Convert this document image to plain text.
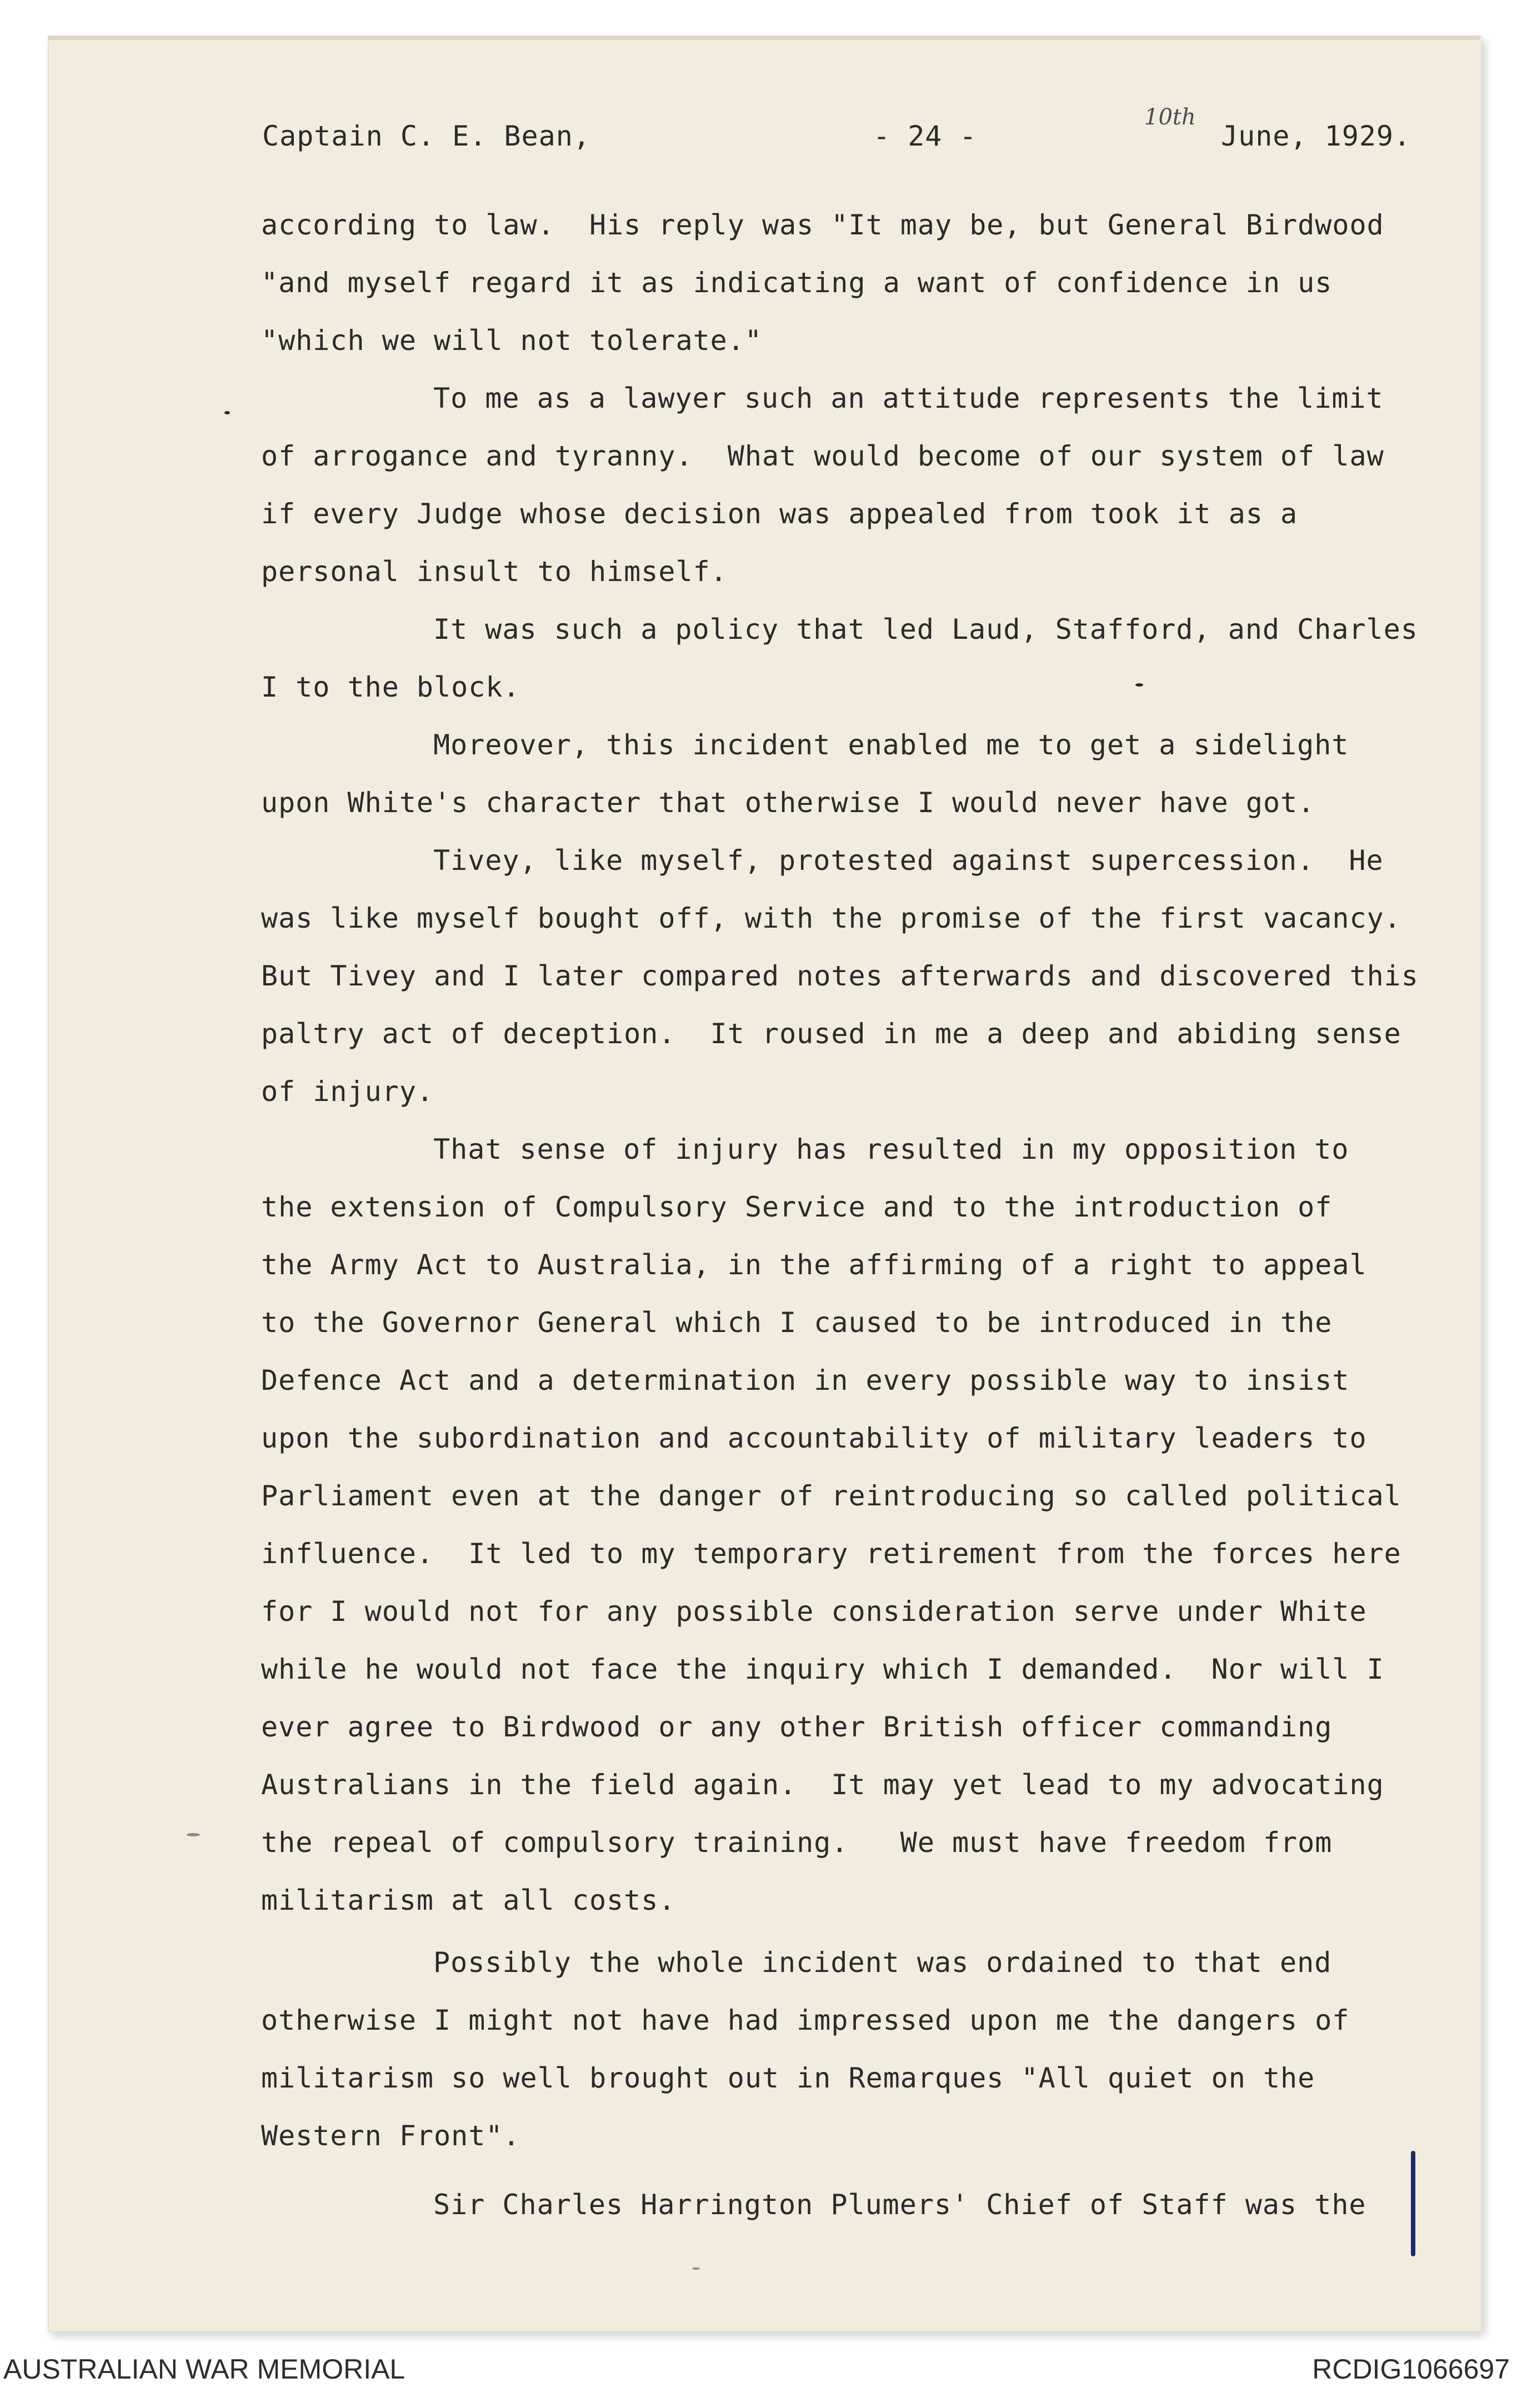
Captain C. E. Bean,	- 24 -
10th
June, 1929.
according to law.  His reply was "It may be, but General Birdwood
"and myself regard it as indicating a want of confidence in us
"which we will not tolerate."
To me as a lawyer such an attitude represents the limit
of arrogance and tyranny.  What would become of our system of law
if every Judge whose decision was appealed from took it as a
personal insult to himself.
It was such a policy that led Laud, Stafford, and Charles
I to the block.
Moreover, this incident enabled me to get a sidelight
upon White's character that otherwise I would never have got.
Tivey, like myself, protested against supercession.  He
was like myself bought off, with the promise of the first vacancy.
But Tivey and I later compared notes afterwards and discovered this
paltry act of deception.  It roused in me a deep and abiding sense
of injury.
That sense of injury has resulted in my opposition to
the extension of Compulsory Service and to the introduction of
the Army Act to Australia, in the affirming of a right to appeal
to the Governor General which I caused to be introduced in the
Defence Act and a determination in every possible way to insist
upon the subordination and accountability of military leaders to
Parliament even at the danger of reintroducing so called political
influence.  It led to my temporary retirement from the forces here
for I would not for any possible consideration serve under White
while he would not face the inquiry which I demanded.  Nor will I
ever agree to Birdwood or any other British officer commanding
Australians in the field again.  It may yet lead to my advocating
the repeal of compulsory training.   We must have freedom from
militarism at all costs.
Possibly the whole incident was ordained to that end
otherwise I might not have had impressed upon me the dangers of
militarism so well brought out in Remarques "All quiet on the
Western Front".
Sir Charles Harrington Plumers' Chief of Staff was the
AUSTRALIAN WAR MEMORIAL	RCDIG1066697
